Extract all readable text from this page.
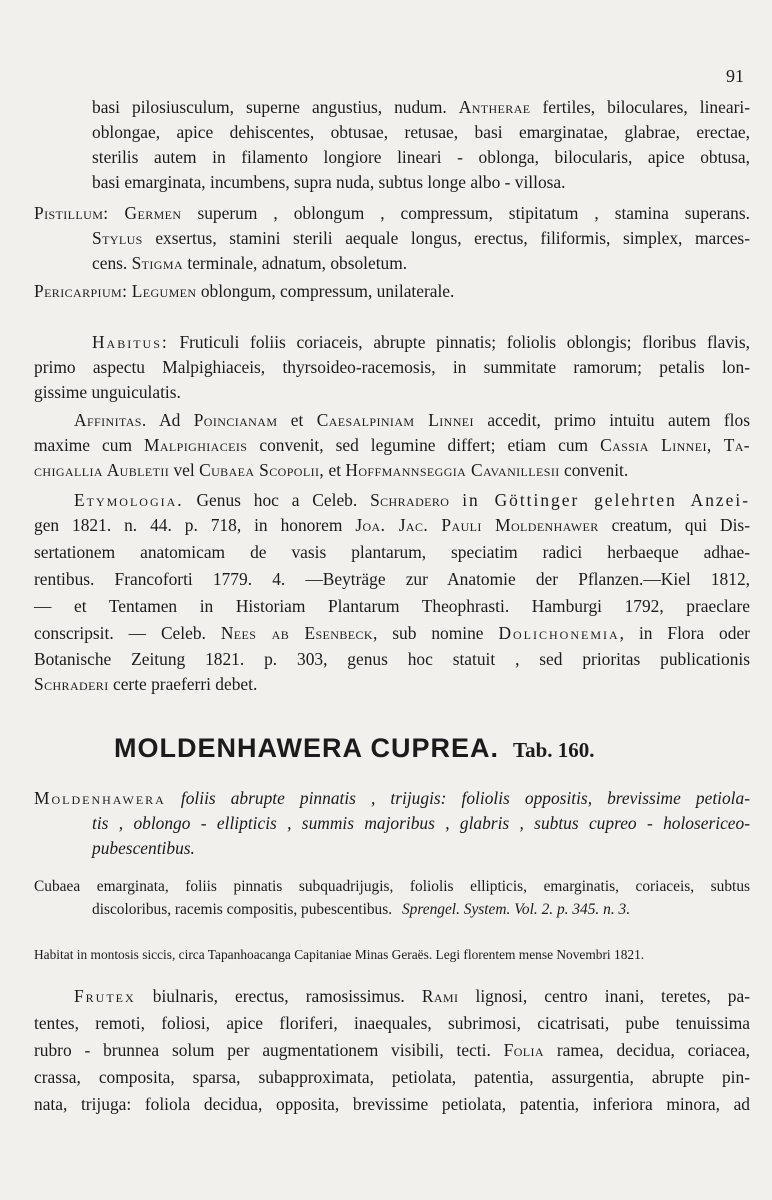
91
basi pilosiusculum, superne angustius, nudum. Antherae fertiles, biloculares, lineari-
oblongae, apice dehiscentes, obtusae, retusae, basi emarginatae, glabrae, erectae,
sterilis autem in filamento longiore lineari - oblonga, bilocularis, apice obtusa,
basi emarginata, incumbens, supra nuda, subtus longe albo - villosa.
Pistillum: Germen superum , oblongum , compressum, stipitatum , stamina superans.
Stylus exsertus, stamini sterili aequale longus, erectus, filiformis, simplex, marces-
cens. Stigma terminale, adnatum, obsoletum.
Pericarpium: Legumen oblongum, compressum, unilaterale.
Habitus: Fruticuli foliis coriaceis, abrupte pinnatis; foliolis oblongis; floribus flavis,
primo aspectu Malpighiaceis, thyrsoideo-racemosis, in summitate ramorum; petalis lon-
gissime unguiculatis.
Affinitas. Ad Poincianam et Caesalpiniam Linnei accedit, primo intuitu autem flos
maxime cum Malpighiaceis convenit, sed legumine differt; etiam cum Cassia Linnei, Ta-
chigallia Aubletii vel Cubaea Scopolii, et Hoffmannseggia Cavanillesii convenit.
Etymologia. Genus hoc a Celeb. Schradero in Göttinger gelehrten Anzei-
gen 1821. n. 44. p. 718, in honorem Joa. Jac. Pauli Moldenhawer creatum, qui Dis-
sertationem anatomicam de vasis plantarum, speciatim radici herbaeque adhae-
rentibus. Francoforti 1779. 4. —Beyträge zur Anatomie der Pflanzen.—Kiel 1812,
— et Tentamen in Historiam Plantarum Theophrasti. Hamburgi 1792, praeclare
conscripsit. — Celeb. Nees ab Esenbeck, sub nomine Dolichonemia, in Flora oder
Botanische Zeitung 1821. p. 303, genus hoc statuit , sed prioritas publicationis
Schraderi certe praeferri debet.
MOLDENHAWERA CUPREA. Tab. 160.
Moldenhawera foliis abrupte pinnatis , trijugis: foliolis oppositis, brevissime petiola-
tis , oblongo - ellipticis , summis majoribus , glabris , subtus cupreo - holosericeo-
pubescentibus.
Cubaea emarginata, foliis pinnatis subquadrijugis, foliolis ellipticis, emarginatis, coriaceis, subtus
discoloribus, racemis compositis, pubescentibus. Sprengel. System. Vol. 2. p. 345. n. 3.
Habitat in montosis siccis, circa Tapanhoacanga Capitaniae Minas Geraës. Legi florentem mense Novembri 1821.
Frutex biulnaris, erectus, ramosissimus. Rami lignosi, centro inani, teretes, pa-
tentes, remoti, foliosi, apice floriferi, inaequales, subrimosi, cicatrisati, pube tenuissima
rubro - brunnea solum per augmentationem visibili, tecti. Folia ramea, decidua, coriacea,
crassa, composita, sparsa, subapproximata, petiolata, patentia, assurgentia, abrupte pin-
nata, trijuga: foliola decidua, opposita, brevissime petiolata, patentia, inferiora minora, ad
